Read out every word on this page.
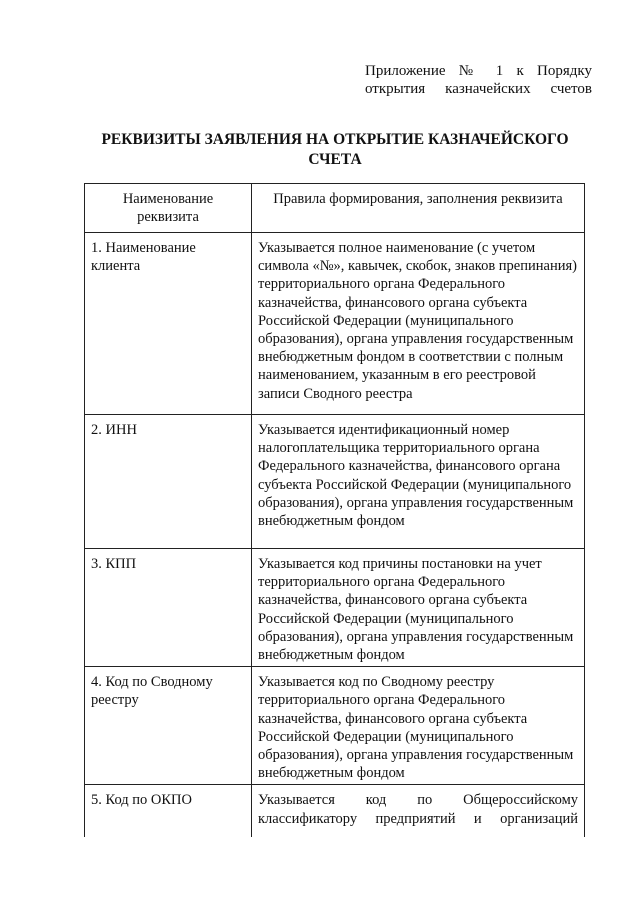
Приложение № 1 к Порядку
открытия казначейских счетов
РЕКВИЗИТЫ ЗАЯВЛЕНИЯ НА ОТКРЫТИЕ КАЗНАЧЕЙСКОГО
СЧЕТА
Наименование реквизита	Правила формирования, заполнения реквизита
1. Наименование клиента	Указывается полное наименование (с учетом символа «№», кавычек, скобок, знаков препинания) территориального органа Федерального казначейства, финансового органа субъекта Российской Федерации (муниципального образования), органа управления государственным внебюджетным фондом в соответствии с полным наименованием, указанным в его реестровой записи Сводного реестра
2. ИНН	Указывается идентификационный номер налогоплательщика территориального органа Федерального казначейства, финансового органа субъекта Российской Федерации (муниципального образования), органа управления государственным внебюджетным фондом
3. КПП	Указывается код причины постановки на учет территориального органа Федерального казначейства, финансового органа субъекта Российской Федерации (муниципального образования), органа управления государственным внебюджетным фондом
4. Код по Сводному реестру	Указывается код по Сводному реестру территориального органа Федерального казначейства, финансового органа субъекта Российской Федерации (муниципального образования), органа управления государственным внебюджетным фондом
5. Код по ОКПО	Указывается код по Общероссийскому классификатору предприятий и организаций
